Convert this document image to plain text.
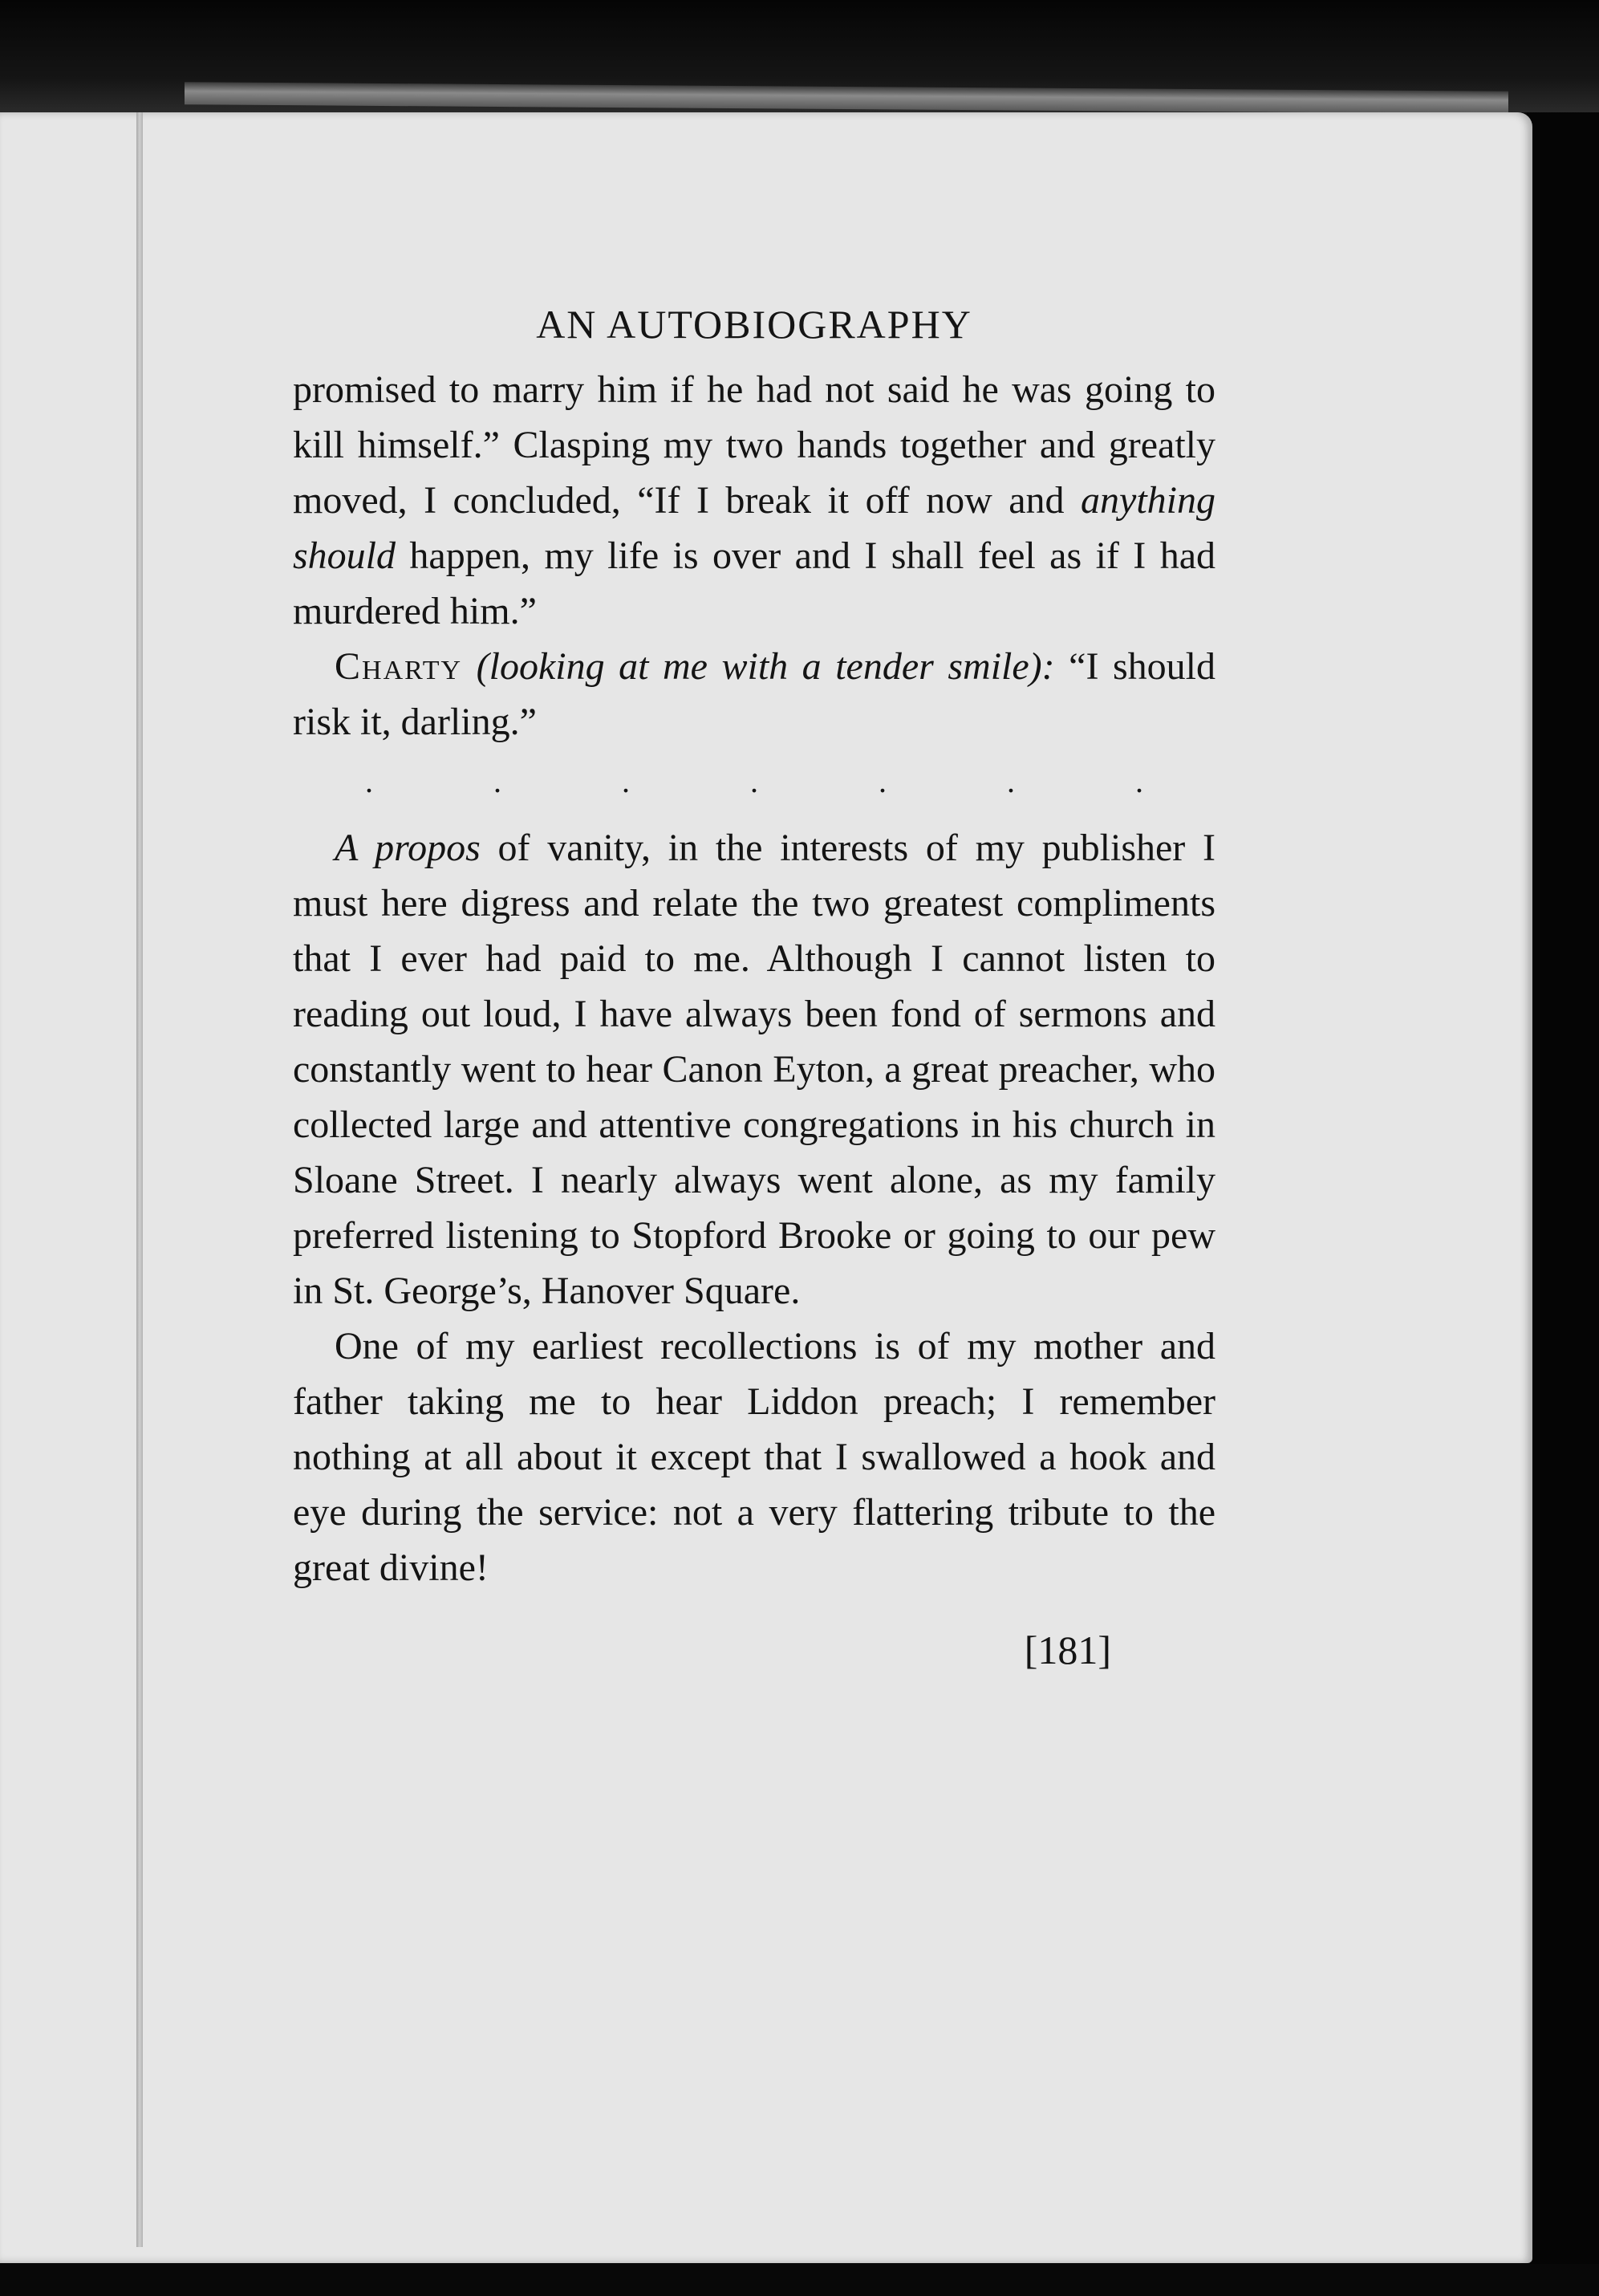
AN AUTOBIOGRAPHY

promised to marry him if he had not said he was going to kill himself.” Clasping my two hands together and greatly moved, I concluded, “If I break it off now and anything should happen, my life is over and I shall feel as if I had murdered him.”

Charty (looking at me with a tender smile): “I should risk it, darling.”

. . . . . . .

A propos of vanity, in the interests of my publisher I must here digress and relate the two greatest compliments that I ever had paid to me. Although I cannot listen to reading out loud, I have always been fond of sermons and constantly went to hear Canon Eyton, a great preacher, who collected large and attentive congregations in his church in Sloane Street. I nearly always went alone, as my family preferred listening to Stopford Brooke or going to our pew in St. George’s, Hanover Square.

One of my earliest recollections is of my mother and father taking me to hear Liddon preach; I remember nothing at all about it except that I swallowed a hook and eye during the service: not a very flattering tribute to the great divine!

[181]
